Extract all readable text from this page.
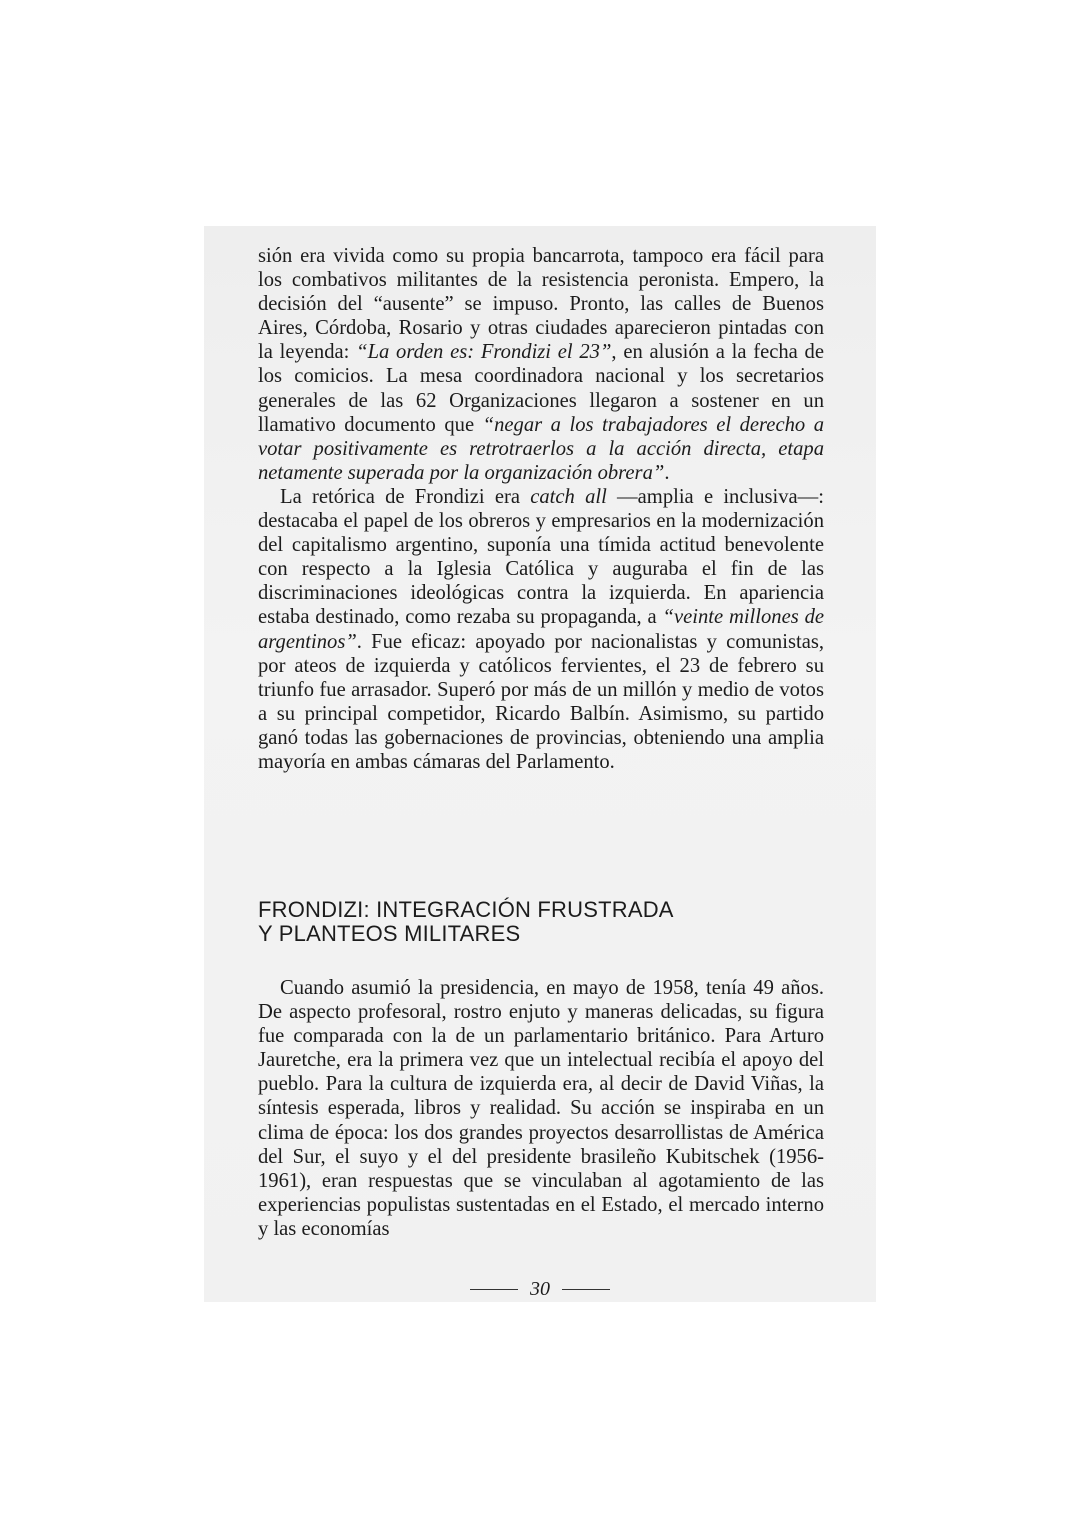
sión era vivida como su propia bancarrota, tampoco era fácil para los combativos militantes de la resistencia peronista. Empero, la decisión del “ausente” se impuso. Pronto, las calles de Buenos Aires, Córdoba, Rosario y otras ciudades aparecieron pintadas con la leyenda: “La orden es: Frondizi el 23”, en alusión a la fecha de los comicios. La mesa coordinadora nacional y los secretarios generales de las 62 Organizaciones llegaron a sostener en un llamativo documento que “negar a los trabajadores el derecho a votar positivamente es retrotraerlos a la acción directa, etapa netamente superada por la organización obrera”.

La retórica de Frondizi era catch all —amplia e inclusiva—: destacaba el papel de los obreros y empresarios en la modernización del capitalismo argentino, suponía una tímida actitud benevolente con respecto a la Iglesia Católica y auguraba el fin de las discriminaciones ideológicas contra la izquierda. En apariencia estaba destinado, como rezaba su propaganda, a “veinte millones de argentinos”. Fue eficaz: apoyado por nacionalistas y comunistas, por ateos de izquierda y católicos fervientes, el 23 de febrero su triunfo fue arrasador. Superó por más de un millón y medio de votos a su principal competidor, Ricardo Balbín. Asimismo, su partido ganó todas las gobernaciones de provincias, obteniendo una amplia mayoría en ambas cámaras del Parlamento.

FRONDIZI: INTEGRACIÓN FRUSTRADA
Y PLANTEOS MILITARES

Cuando asumió la presidencia, en mayo de 1958, tenía 49 años. De aspecto profesoral, rostro enjuto y maneras delicadas, su figura fue comparada con la de un parlamentario británico. Para Arturo Jauretche, era la primera vez que un intelectual recibía el apoyo del pueblo. Para la cultura de izquierda era, al decir de David Viñas, la síntesis esperada, libros y realidad. Su acción se inspiraba en un clima de época: los dos grandes proyectos desarrollistas de América del Sur, el suyo y el del presidente brasileño Kubitschek (1956-1961), eran respuestas que se vinculaban al agotamiento de las experiencias populistas sustentadas en el Estado, el mercado interno y las economías

30
